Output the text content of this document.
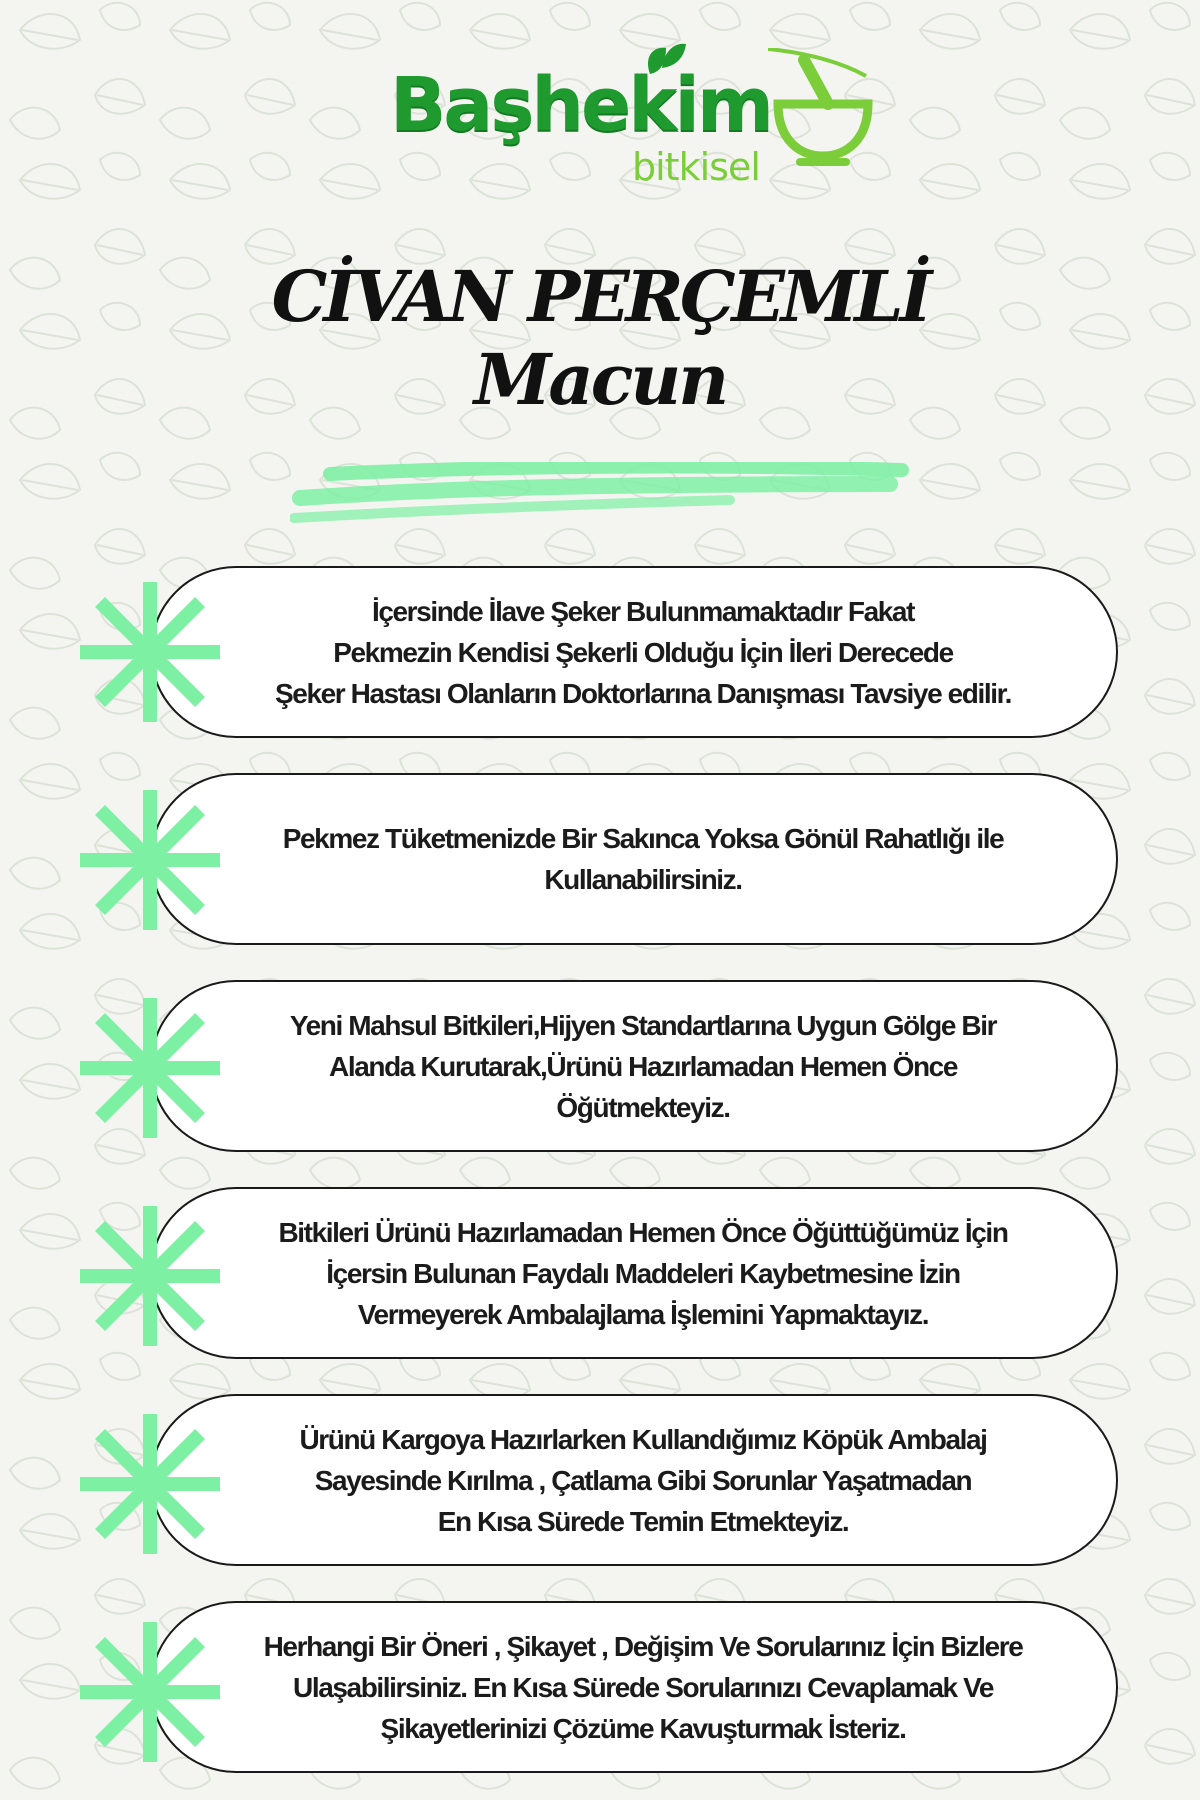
Başhekim
bitkisel
CİVAN PERÇEMLİ
Macun
İçersinde İlave Şeker Bulunmamaktadır Fakat
Pekmezin Kendisi Şekerli Olduğu İçin İleri Derecede
Şeker Hastası Olanların Doktorlarına Danışması Tavsiye edilir.
Pekmez Tüketmenizde Bir Sakınca Yoksa Gönül Rahatlığı ile
Kullanabilirsiniz.
Yeni Mahsul Bitkileri,Hijyen Standartlarına Uygun Gölge Bir
Alanda Kurutarak,Ürünü Hazırlamadan Hemen Önce
Öğütmekteyiz.
Bitkileri Ürünü Hazırlamadan Hemen Önce Öğüttüğümüz İçin
İçersin Bulunan Faydalı Maddeleri Kaybetmesine İzin
Vermeyerek Ambalajlama İşlemini Yapmaktayız.
Ürünü Kargoya Hazırlarken Kullandığımız Köpük Ambalaj
Sayesinde Kırılma , Çatlama Gibi Sorunlar Yaşatmadan
En Kısa Sürede Temin Etmekteyiz.
Herhangi Bir Öneri , Şikayet , Değişim Ve Sorularınız İçin Bizlere
Ulaşabilirsiniz. En Kısa Sürede Sorularınızı Cevaplamak Ve
Şikayetlerinizi Çözüme Kavuşturmak İsteriz.
